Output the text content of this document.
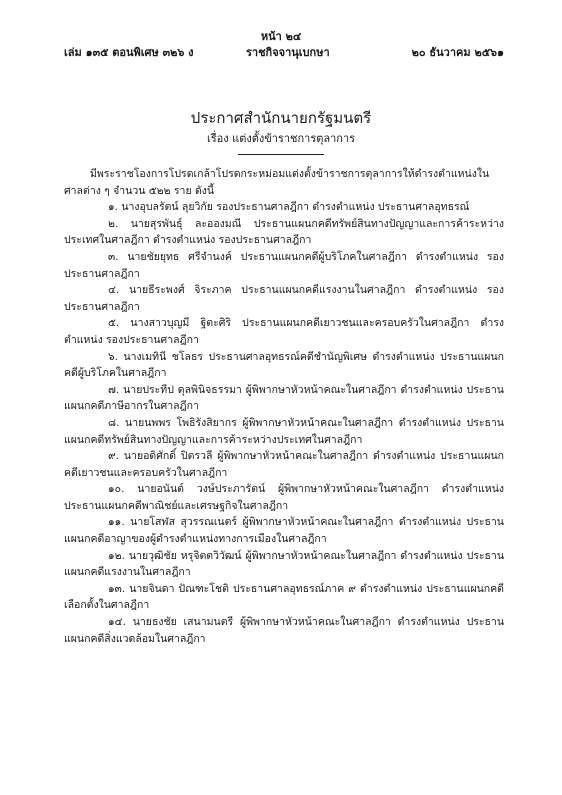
หน้า ๒๔
เล่ม ๑๓๕ ตอนพิเศษ ๓๒๖ ง	ราชกิจจานุเบกษา	๒๐ ธันวาคม ๒๕๖๑
ประกาศสำนักนายกรัฐมนตรี
เรื่อง แต่งตั้งข้าราชการตุลาการ

มีพระราชโองการโปรดเกล้าโปรดกระหม่อมแต่งตั้งข้าราชการตุลาการให้ดำรงตำแหน่งในศาลต่าง ๆ จำนวน ๕๒๒ ราย ดังนี้

๑. นางอุบลรัตน์ ลุยวิกัย รองประธานศาลฎีกา ดำรงตำแหน่ง ประธานศาลอุทธรณ์

๒. นายสุรพันธุ์ ละอองมณี ประธานแผนกคดีทรัพย์สินทางปัญญาและการค้าระหว่างประเทศในศาลฎีกา ดำรงตำแหน่ง รองประธานศาลฎีกา

๓. นายชัยยุทธ ศรีจำนงค์ ประธานแผนกคดีผู้บริโภคในศาลฎีกา ดำรงตำแหน่ง รองประธานศาลฎีกา

๔. นายธีระพงศ์ จิระภาค ประธานแผนกคดีแรงงานในศาลฎีกา ดำรงตำแหน่ง รองประธานศาลฎีกา

๕. นางสาวบุญมี ฐิตะศิริ ประธานแผนกคดีเยาวชนและครอบครัวในศาลฎีกา ดำรงตำแหน่ง รองประธานศาลฎีกา

๖. นางเมทินี ชโลธร ประธานศาลอุทธรณ์คดีชำนัญพิเศษ ดำรงตำแหน่ง ประธานแผนกคดีผู้บริโภคในศาลฎีกา

๗. นายประทีป ดุลพินิจธรรมา ผู้พิพากษาหัวหน้าคณะในศาลฎีกา ดำรงตำแหน่ง ประธานแผนกคดีภาษีอากรในศาลฎีกา

๘. นายนพพร โพธิรังสิยากร ผู้พิพากษาหัวหน้าคณะในศาลฎีกา ดำรงตำแหน่ง ประธานแผนกคดีทรัพย์สินทางปัญญาและการค้าระหว่างประเทศในศาลฎีกา

๙. นายอดิศักดิ์ ปิตรวลี ผู้พิพากษาหัวหน้าคณะในศาลฎีกา ดำรงตำแหน่ง ประธานแผนกคดีเยาวชนและครอบครัวในศาลฎีกา

๑๐. นายอนันต์ วงษ์ประภารัตน์ ผู้พิพากษาหัวหน้าคณะในศาลฎีกา ดำรงตำแหน่ง ประธานแผนกคดีพาณิชย์และเศรษฐกิจในศาลฎีกา

๑๑. นายโสฬส สุวรรณเนตร์ ผู้พิพากษาหัวหน้าคณะในศาลฎีกา ดำรงตำแหน่ง ประธานแผนกคดีอาญาของผู้ดำรงตำแหน่งทางการเมืองในศาลฎีกา

๑๒. นายวุฒิชัย หรุจิตตวิวัฒน์ ผู้พิพากษาหัวหน้าคณะในศาลฎีกา ดำรงตำแหน่ง ประธานแผนกคดีแรงงานในศาลฎีกา

๑๓. นายจินดา ปัณฑะโชติ ประธานศาลอุทธรณ์ภาค ๙ ดำรงตำแหน่ง ประธานแผนกคดีเลือกตั้งในศาลฎีกา

๑๔. นายธงชัย เสนามนตรี ผู้พิพากษาหัวหน้าคณะในศาลฎีกา ดำรงตำแหน่ง ประธานแผนกคดีสิ่งแวดล้อมในศาลฎีกา
